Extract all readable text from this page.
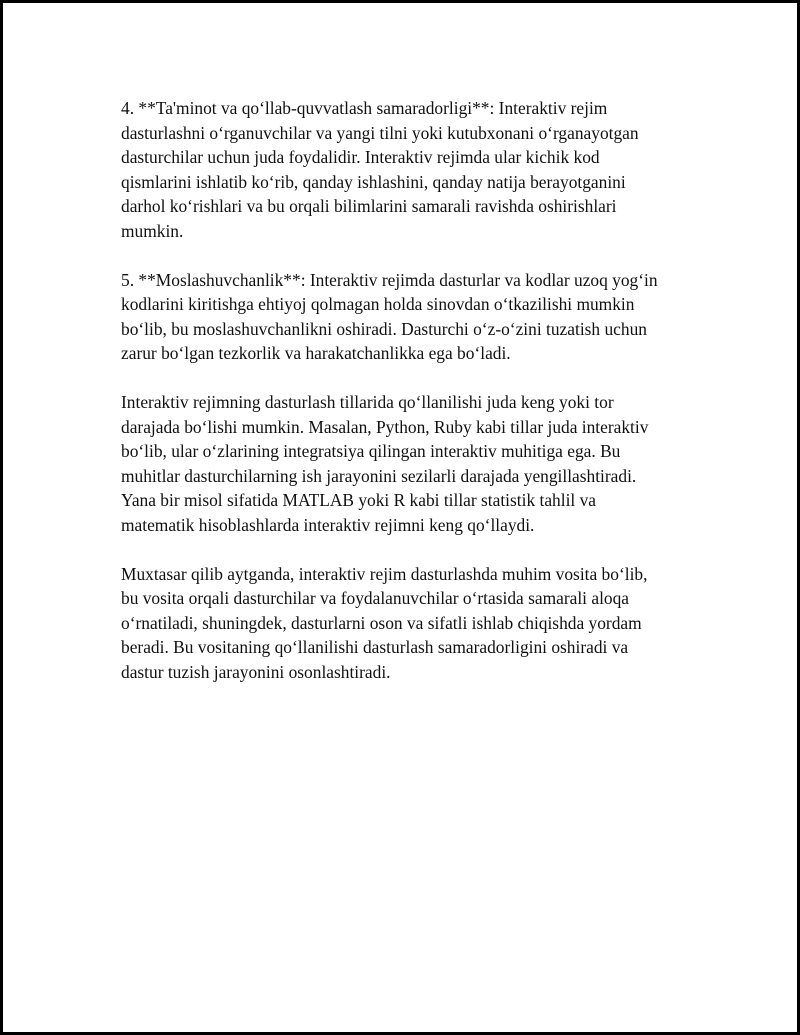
4. **Ta'minot va qoʻllab-quvvatlash samaradorligi**: Interaktiv rejim
dasturlashni oʻrganuvchilar va yangi tilni yoki kutubxonani oʻrganayotgan
dasturchilar uchun juda foydalidir. Interaktiv rejimda ular kichik kod
qismlarini ishlatib koʻrib, qanday ishlashini, qanday natija berayotganini
darhol koʻrishlari va bu orqali bilimlarini samarali ravishda oshirishlari
mumkin.

5. **Moslashuvchanlik**: Interaktiv rejimda dasturlar va kodlar uzoq yogʻin
kodlarini kiritishga ehtiyoj qolmagan holda sinovdan oʻtkazilishi mumkin
boʻlib, bu moslashuvchanlikni oshiradi. Dasturchi oʻz-oʻzini tuzatish uchun
zarur boʻlgan tezkorlik va harakatchanlikka ega boʻladi.

Interaktiv rejimning dasturlash tillarida qoʻllanilishi juda keng yoki tor
darajada boʻlishi mumkin. Masalan, Python, Ruby kabi tillar juda interaktiv
boʻlib, ular oʻzlarining integratsiya qilingan interaktiv muhitiga ega. Bu
muhitlar dasturchilarning ish jarayonini sezilarli darajada yengillashtiradi.
Yana bir misol sifatida MATLAB yoki R kabi tillar statistik tahlil va
matematik hisoblashlarda interaktiv rejimni keng qoʻllaydi.

Muxtasar qilib aytganda, interaktiv rejim dasturlashda muhim vosita boʻlib,
bu vosita orqali dasturchilar va foydalanuvchilar oʻrtasida samarali aloqa
oʻrnatiladi, shuningdek, dasturlarni oson va sifatli ishlab chiqishda yordam
beradi. Bu vositaning qoʻllanilishi dasturlash samaradorligini oshiradi va
dastur tuzish jarayonini osonlashtiradi.
